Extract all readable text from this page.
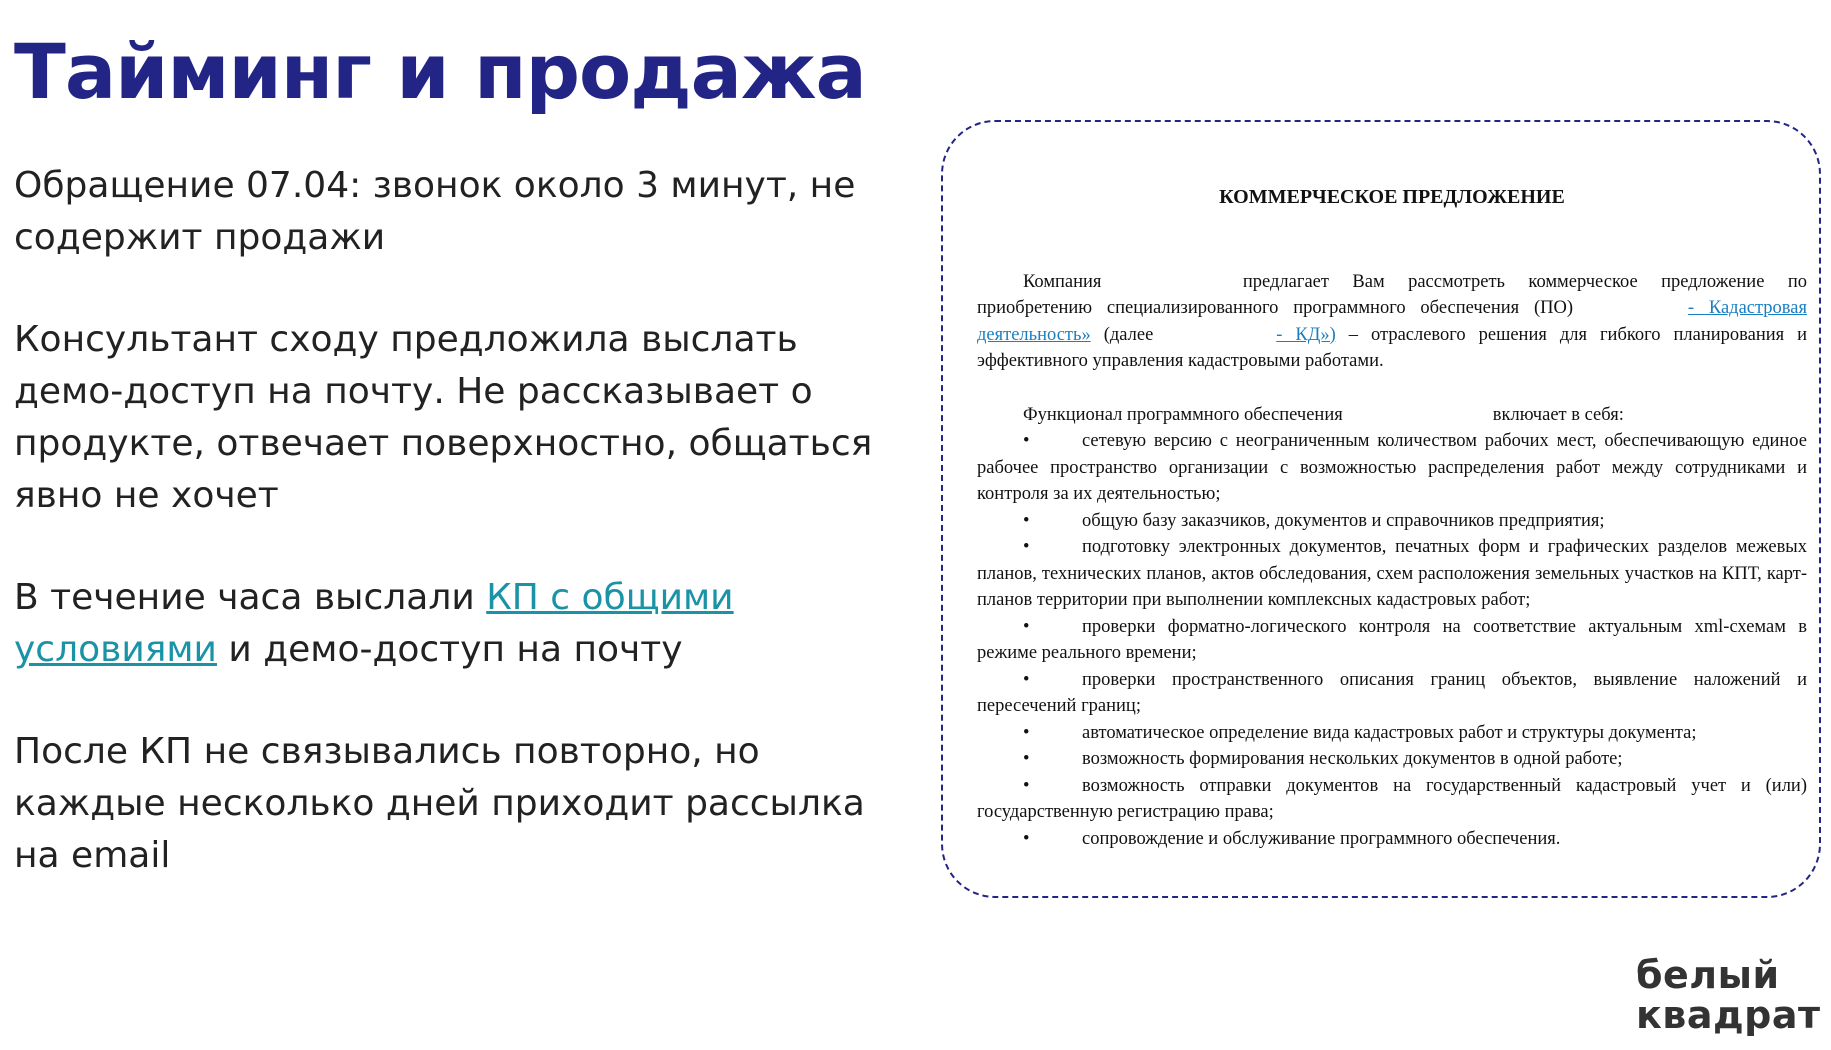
Тайминг и продажа

Обращение 07.04: звонок около 3 минут, не содержит продажи

Консультант сходу предложила выслать демо-доступ на почту. Не рассказывает о продукте, отвечает поверхностно, общаться явно не хочет

В течение часа выслали КП с общими условиями и демо-доступ на почту

После КП не связывались повторно, но каждые несколько дней приходит рассылка на email

КОММЕРЧЕСКОЕ ПРЕДЛОЖЕНИЕ

Компания	предлагает Вам рассмотреть коммерческое предложение по приобретению специализированного программного обеспечения (ПО)	- Кадастровая деятельность» (далее	- КД») – отраслевого решения для гибкого планирования и эффективного управления кадастровыми работами.

Функционал программного обеспечения	включает в себя:

•	сетевую версию с неограниченным количеством рабочих мест, обеспечивающую единое рабочее пространство организации с возможностью распределения работ между сотрудниками и контроля за их деятельностью;
•	общую базу заказчиков, документов и справочников предприятия;
•	подготовку электронных документов, печатных форм и графических разделов межевых планов, технических планов, актов обследования, схем расположения земельных участков на КПТ, карт-планов территории при выполнении комплексных кадастровых работ;
•	проверки форматно-логического контроля на соответствие актуальным xml-схемам в режиме реального времени;
•	проверки пространственного описания границ объектов, выявление наложений и пересечений границ;
•	автоматическое определение вида кадастровых работ и структуры документа;
•	возможность формирования нескольких документов в одной работе;
•	возможность отправки документов на государственный кадастровый учет и (или) государственную регистрацию права;
•	сопровождение и обслуживание программного обеспечения.
белый
квадрат
